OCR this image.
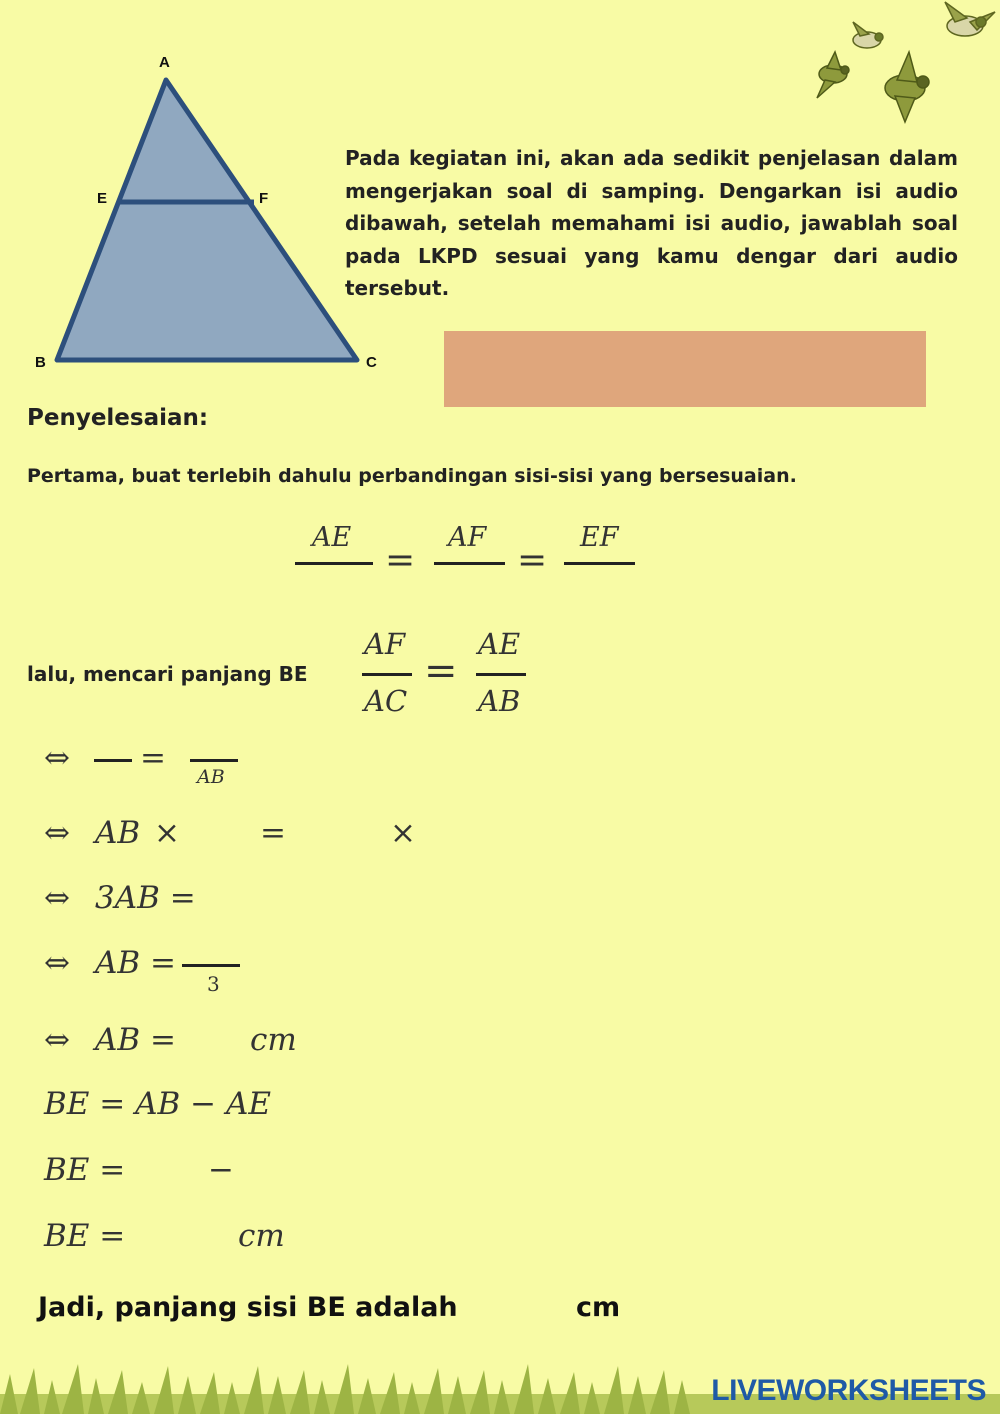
A
E	F
B	C
Pada kegiatan ini, akan ada sedikit penjelasan dalam mengerjakan soal di samping. Dengarkan isi audio dibawah, setelah memahami isi audio, jawablah soal pada LKPD sesuai yang kamu dengar dari audio tersebut.
Penyelesaian:
Pertama, buat terlebih dahulu perbandingan sisi-sisi yang bersesuaian.
AE
=
AF
=
EF
lalu, mencari panjang BE
AF
AC
=
AE
AB
⇔ =
AB
⇔ AB ×	=	×
⇔ 3AB =
⇔ AB =
3
⇔ AB = cm
BE = AB − AE
BE =	−
BE =	cm
Jadi, panjang sisi BE adalah	cm
LIVEWORKSHEETS
